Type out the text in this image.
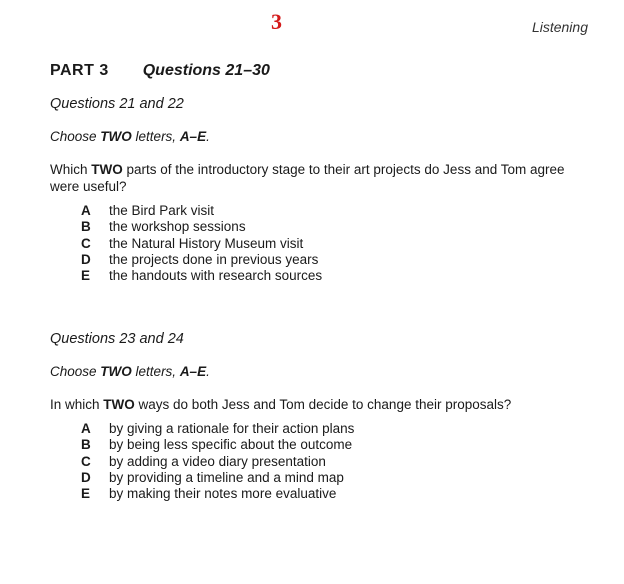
3	Listening
PART 3 Questions 21–30

Questions 21 and 22

Choose TWO letters, A–E.

Which TWO parts of the introductory stage to their art projects do Jess and Tom agree were useful?

A	the Bird Park visit
B	the workshop sessions
C	the Natural History Museum visit
D	the projects done in previous years
E	the handouts with research sources

Questions 23 and 24

Choose TWO letters, A–E.

In which TWO ways do both Jess and Tom decide to change their proposals?

A	by giving a rationale for their action plans
B	by being less specific about the outcome
C	by adding a video diary presentation
D	by providing a timeline and a mind map
E	by making their notes more evaluative
